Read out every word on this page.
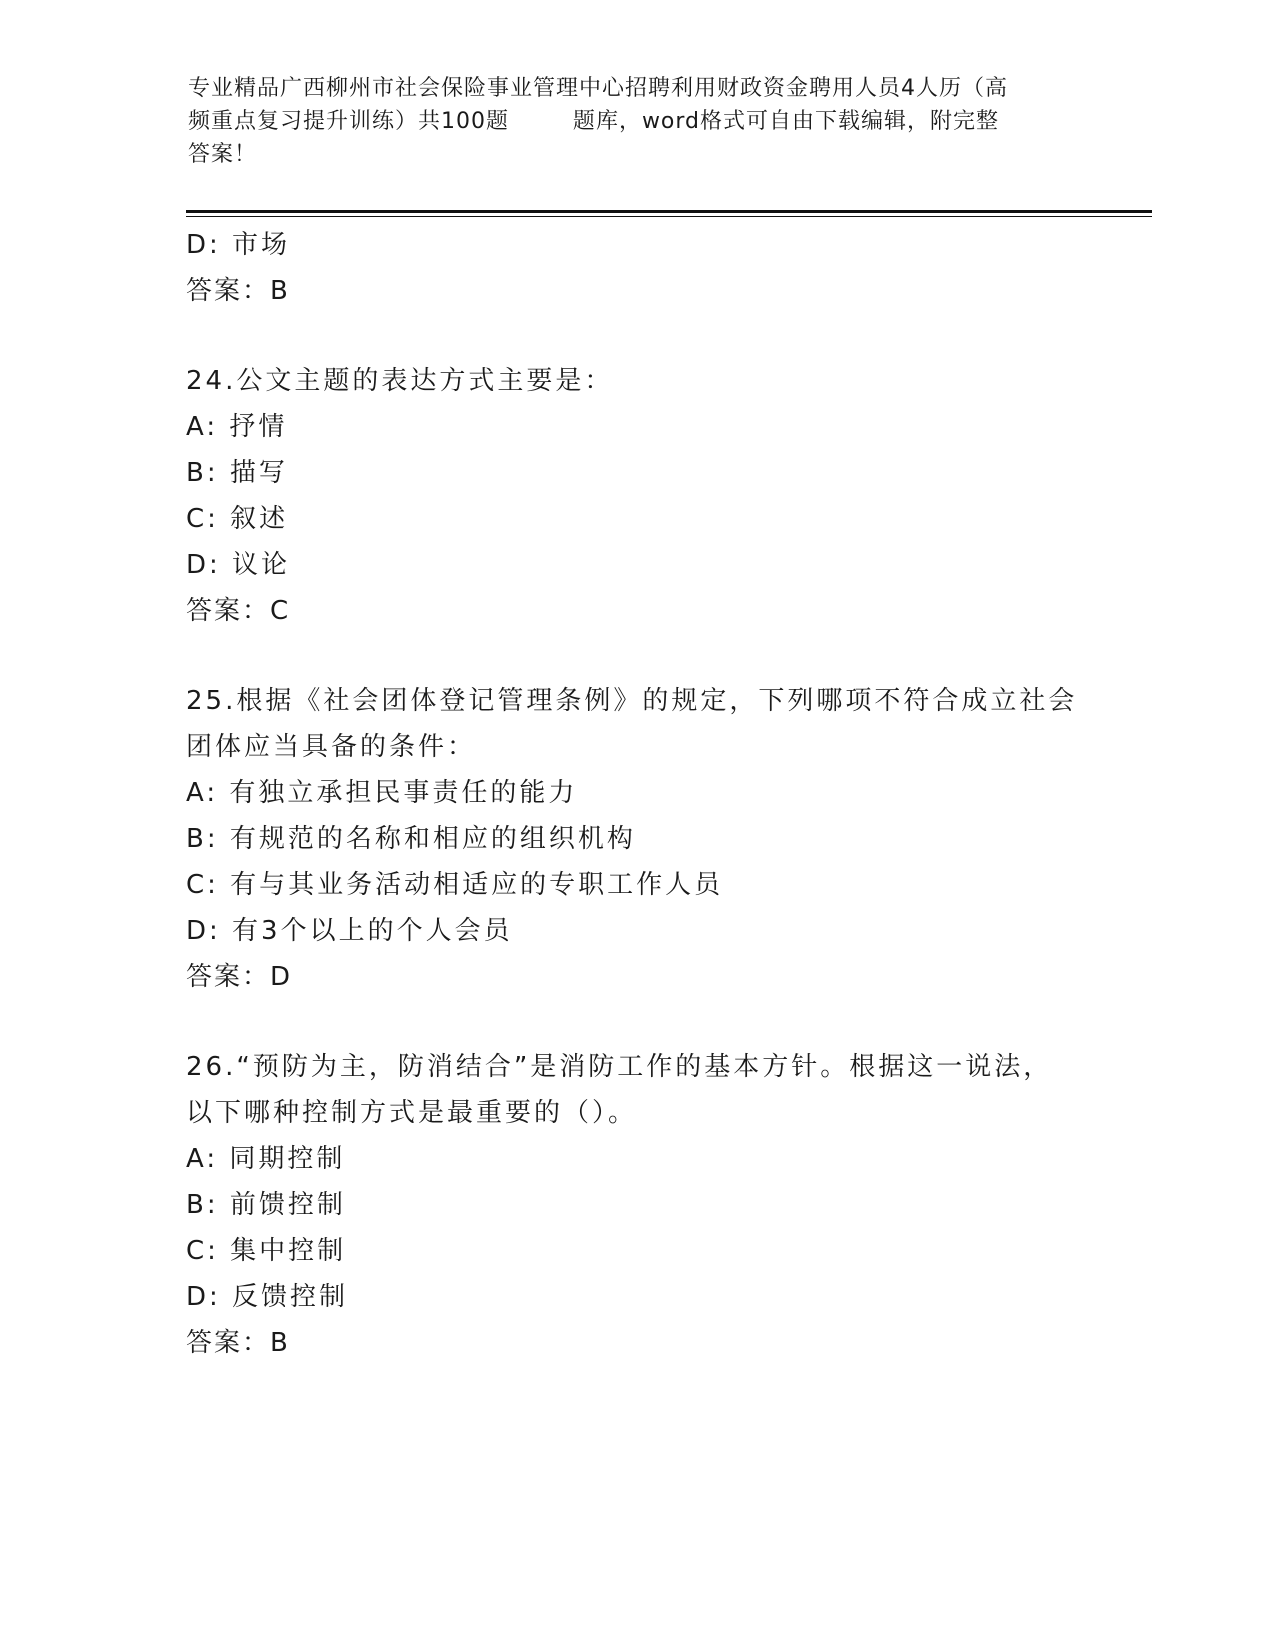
专业精品广西柳州市社会保险事业管理中心招聘利用财政资金聘用人员4人历（高
频重点复习提升训练）共100题        题库，word格式可自由下载编辑，附完整
答案！
D: 市场
答案：B
24.公文主题的表达方式主要是：
A: 抒情
B: 描写
C: 叙述
D: 议论
答案：C
25.根据《社会团体登记管理条例》的规定，下列哪项不符合成立社会
团体应当具备的条件：
A: 有独立承担民事责任的能力
B: 有规范的名称和相应的组织机构
C: 有与其业务活动相适应的专职工作人员
D: 有3个以上的个人会员
答案：D
26.“预防为主，防消结合”是消防工作的基本方针。根据这一说法，
以下哪种控制方式是最重要的（）。
A: 同期控制
B: 前馈控制
C: 集中控制
D: 反馈控制
答案：B
